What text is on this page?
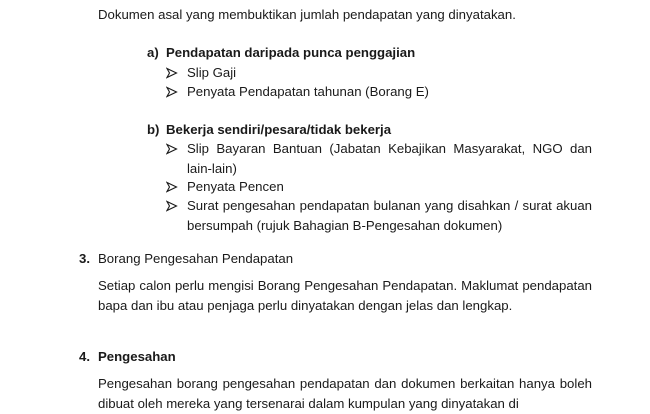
Dokumen asal yang membuktikan jumlah pendapatan yang dinyatakan.
a) Pendapatan daripada punca penggajian
Slip Gaji
Penyata Pendapatan tahunan (Borang E)
b) Bekerja sendiri/pesara/tidak bekerja
Slip Bayaran Bantuan (Jabatan Kebajikan Masyarakat, NGO dan lain-lain)
Penyata Pencen
Surat pengesahan pendapatan bulanan yang disahkan / surat akuan bersumpah (rujuk Bahagian B-Pengesahan dokumen)
3. Borang Pengesahan Pendapatan
Setiap calon perlu mengisi Borang Pengesahan Pendapatan. Maklumat pendapatan bapa dan ibu atau penjaga perlu dinyatakan dengan jelas dan lengkap.
4. Pengesahan
Pengesahan borang pengesahan pendapatan dan dokumen berkaitan hanya boleh dibuat oleh mereka yang tersenarai dalam kumpulan yang dinyatakan di
